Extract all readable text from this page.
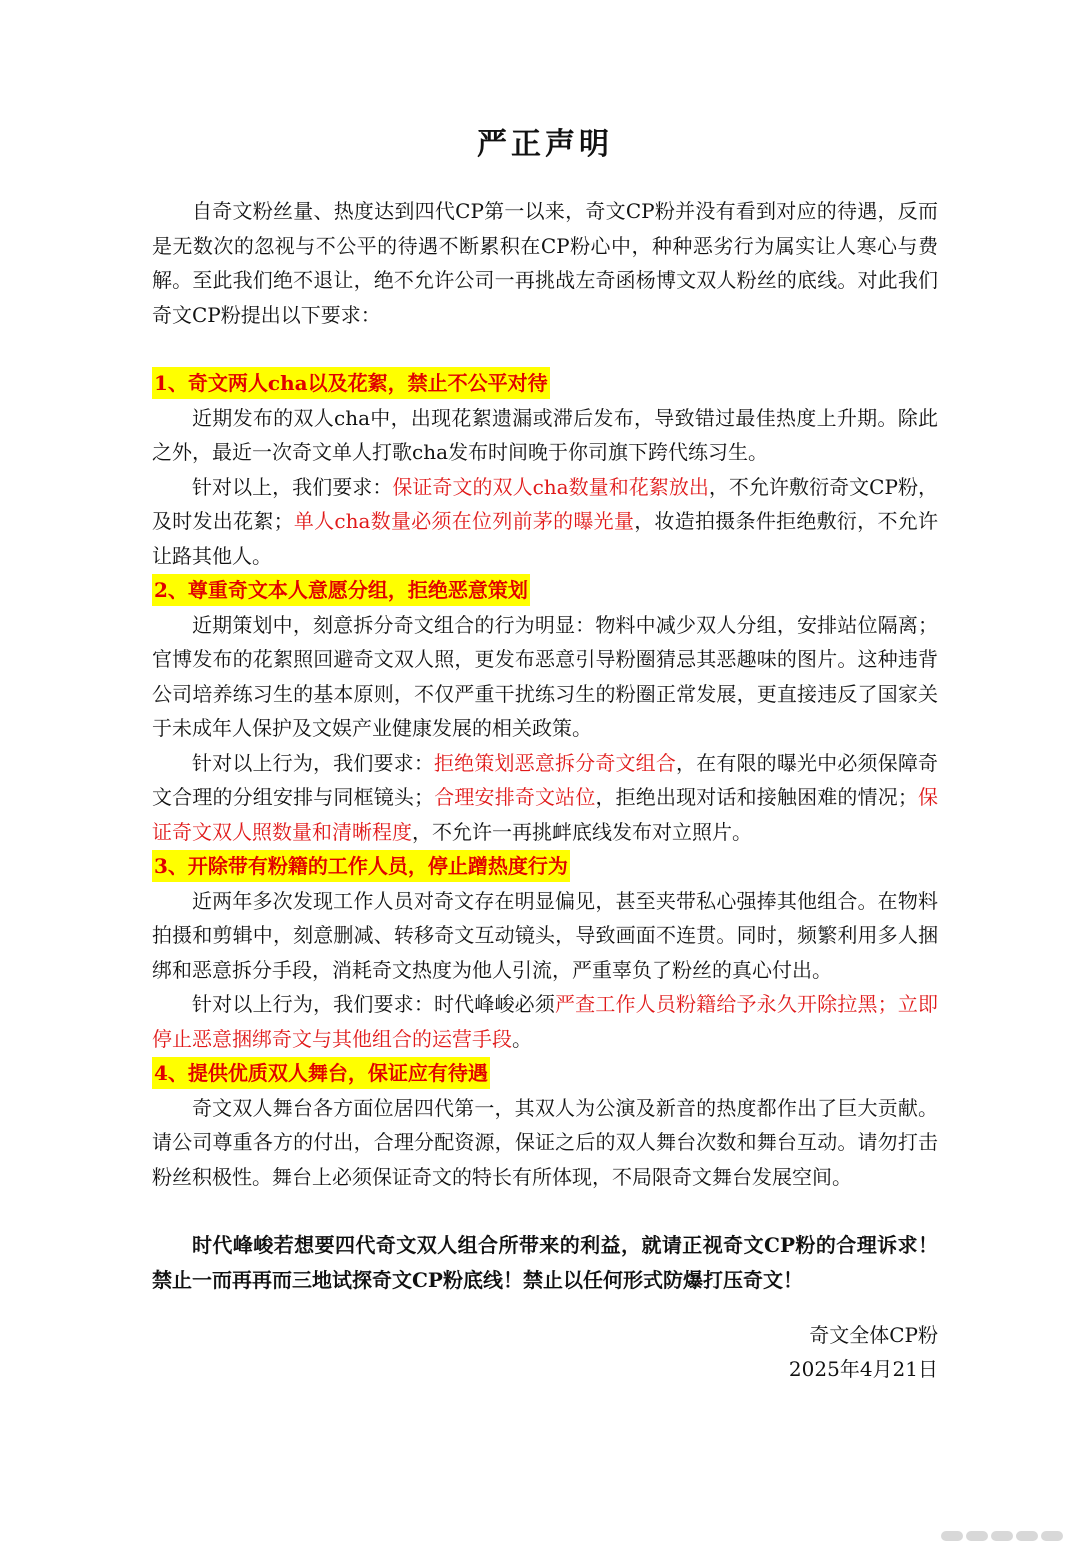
严正声明

自奇文粉丝量、热度达到四代CP第一以来，奇文CP粉并没有看到对应的待遇，反而是无数次的忽视与不公平的待遇不断累积在CP粉心中，种种恶劣行为属实让人寒心与费解。至此我们绝不退让，绝不允许公司一再挑战左奇函杨博文双人粉丝的底线。对此我们奇文CP粉提出以下要求：

1、奇文两人cha以及花絮，禁止不公平对待

近期发布的双人cha中，出现花絮遗漏或滞后发布，导致错过最佳热度上升期。除此之外，最近一次奇文单人打歌cha发布时间晚于你司旗下跨代练习生。

针对以上，我们要求：保证奇文的双人cha数量和花絮放出，不允许敷衍奇文CP粉，及时发出花絮；单人cha数量必须在位列前茅的曝光量，妆造拍摄条件拒绝敷衍，不允许让路其他人。

2、尊重奇文本人意愿分组，拒绝恶意策划

近期策划中，刻意拆分奇文组合的行为明显：物料中减少双人分组，安排站位隔离；官博发布的花絮照回避奇文双人照，更发布恶意引导粉圈猜忌其恶趣味的图片。这种违背公司培养练习生的基本原则，不仅严重干扰练习生的粉圈正常发展，更直接违反了国家关于未成年人保护及文娱产业健康发展的相关政策。

针对以上行为，我们要求：拒绝策划恶意拆分奇文组合，在有限的曝光中必须保障奇文合理的分组安排与同框镜头；合理安排奇文站位，拒绝出现对话和接触困难的情况；保证奇文双人照数量和清晰程度，不允许一再挑衅底线发布对立照片。

3、开除带有粉籍的工作人员，停止蹭热度行为

近两年多次发现工作人员对奇文存在明显偏见，甚至夹带私心强捧其他组合。在物料拍摄和剪辑中，刻意删减、转移奇文互动镜头，导致画面不连贯。同时，频繁利用多人捆绑和恶意拆分手段，消耗奇文热度为他人引流，严重辜负了粉丝的真心付出。

针对以上行为，我们要求：时代峰峻必须严查工作人员粉籍给予永久开除拉黑；立即停止恶意捆绑奇文与其他组合的运营手段。

4、提供优质双人舞台，保证应有待遇

奇文双人舞台各方面位居四代第一，其双人为公演及新音的热度都作出了巨大贡献。请公司尊重各方的付出，合理分配资源，保证之后的双人舞台次数和舞台互动。请勿打击粉丝积极性。舞台上必须保证奇文的特长有所体现，不局限奇文舞台发展空间。

时代峰峻若想要四代奇文双人组合所带来的利益，就请正视奇文CP粉的合理诉求！禁止一而再再而三地试探奇文CP粉底线！禁止以任何形式防爆打压奇文！

奇文全体CP粉
2025年4月21日
